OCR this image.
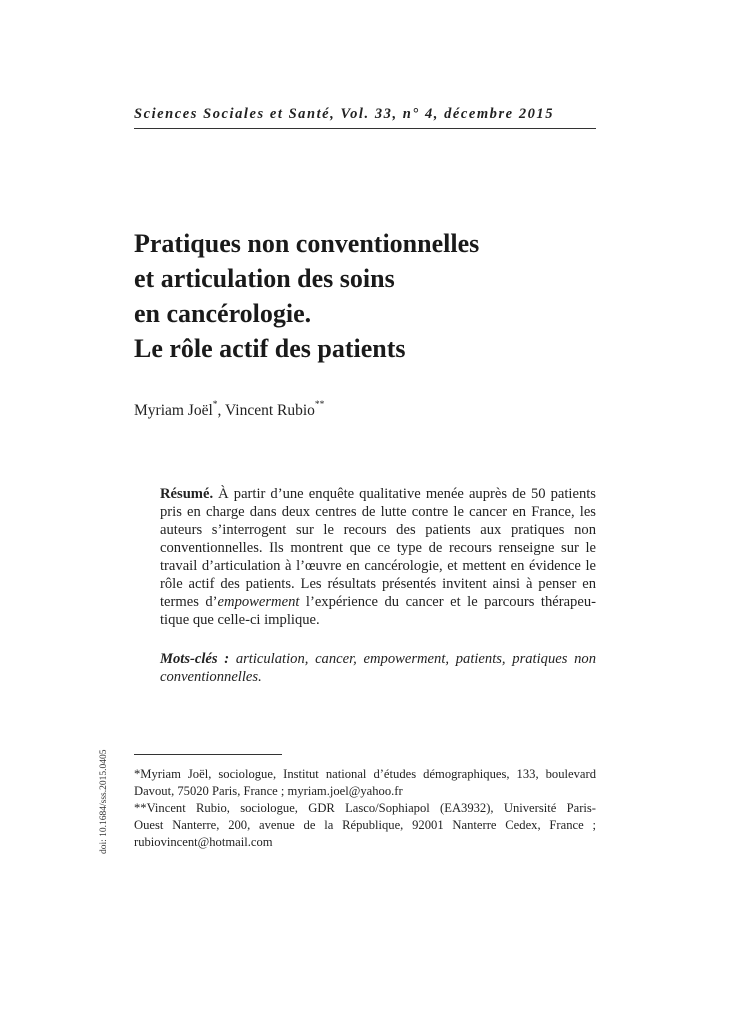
Sciences Sociales et Santé, Vol. 33, n° 4, décembre 2015
Pratiques non conventionnelles
et articulation des soins
en cancérologie.
Le rôle actif des patients
Myriam Joël*, Vincent Rubio**
Résumé. À partir d’une enquête qualitative menée auprès de 50 patients
pris en charge dans deux centres de lutte contre le cancer en France, les
auteurs s’interrogent sur le recours des patients aux pratiques non
conventionnelles. Ils montrent que ce type de recours renseigne sur le
travail d’articulation à l’œuvre en cancérologie, et mettent en évidence le
rôle actif des patients. Les résultats présentés invitent ainsi à penser en
termes d’empowerment l’expérience du cancer et le parcours thérapeu-
tique que celle-ci implique.
Mots-clés : articulation, cancer, empowerment, patients, pratiques non
conventionnelles.
doi: 10.1684/sss.2015.0405 *Myriam Joël, sociologue, Institut national d’études démographiques, 133, boulevard
Davout, 75020 Paris, France ; myriam.joel@yahoo.fr
**Vincent Rubio, sociologue, GDR Lasco/Sophiapol (EA3932), Université Paris-
Ouest Nanterre, 200, avenue de la République, 92001 Nanterre Cedex, France ;
rubiovincent@hotmail.com
